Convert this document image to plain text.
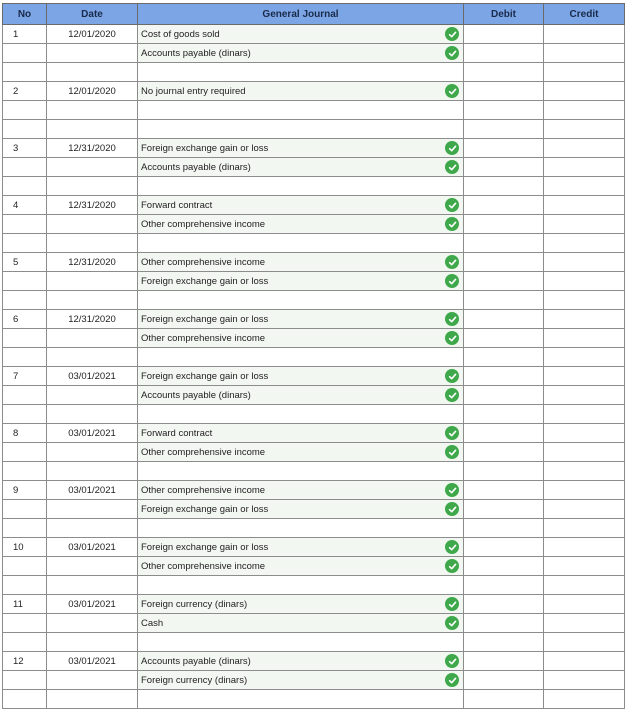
No	Date	General Journal	Debit	Credit
1	12/01/2020	Cost of goods sold

		Accounts payable (dinars)

2	12/01/2020	No journal entry required

3	12/31/2020	Foreign exchange gain or loss

		Accounts payable (dinars)

4	12/31/2020	Forward contract

		Other comprehensive income

5	12/31/2020	Other comprehensive income

		Foreign exchange gain or loss

6	12/31/2020	Foreign exchange gain or loss

		Other comprehensive income

7	03/01/2021	Foreign exchange gain or loss

		Accounts payable (dinars)

8	03/01/2021	Forward contract

		Other comprehensive income

9	03/01/2021	Other comprehensive income

		Foreign exchange gain or loss

10	03/01/2021	Foreign exchange gain or loss

		Other comprehensive income

11	03/01/2021	Foreign currency (dinars)

		Cash

12	03/01/2021	Accounts payable (dinars)

		Foreign currency (dinars)
